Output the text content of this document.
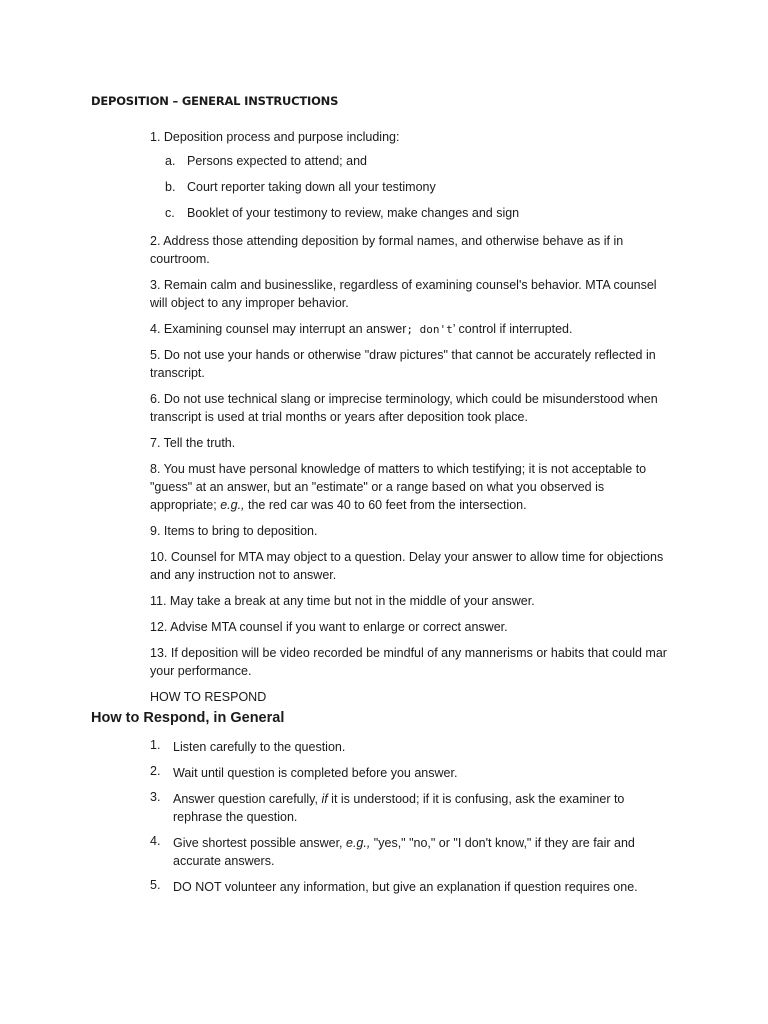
DEPOSITION – GENERAL INSTRUCTIONS
1. Deposition process and purpose including:
a. Persons expected to attend; and
b. Court reporter taking down all your testimony
c. Booklet of your testimony to review, make changes and sign
2. Address those attending deposition by formal names, and otherwise behave as if in
courtroom.
3. Remain calm and businesslike, regardless of examining counsel's behavior. MTA counsel
will object to any improper behavior.
4. Examining counsel may interrupt an answer; don't’ control if interrupted.
5. Do not use your hands or otherwise "draw pictures" that cannot be accurately reflected in
transcript.
6. Do not use technical slang or imprecise terminology, which could be misunderstood when
transcript is used at trial months or years after deposition took place.
7. Tell the truth.
8. You must have personal knowledge of matters to which testifying; it is not acceptable to
"guess" at an answer, but an "estimate" or a range based on what you observed is
appropriate; e.g., the red car was 40 to 60 feet from the intersection.
9. Items to bring to deposition.
10. Counsel for MTA may object to a question. Delay your answer to allow time for objections
and any instruction not to answer.
11. May take a break at any time but not in the middle of your answer.
12. Advise MTA counsel if you want to enlarge or correct answer.
13. If deposition will be video recorded be mindful of any mannerisms or habits that could mar
your performance.
HOW TO RESPOND
How to Respond, in General
1. Listen carefully to the question.
2. Wait until question is completed before you answer.
3. Answer question carefully, if it is understood; if it is confusing, ask the examiner to
rephrase the question.
4. Give shortest possible answer, e.g., "yes," "no," or "I don't know," if they are fair and
accurate answers.
5. DO NOT volunteer any information, but give an explanation if question requires one.
